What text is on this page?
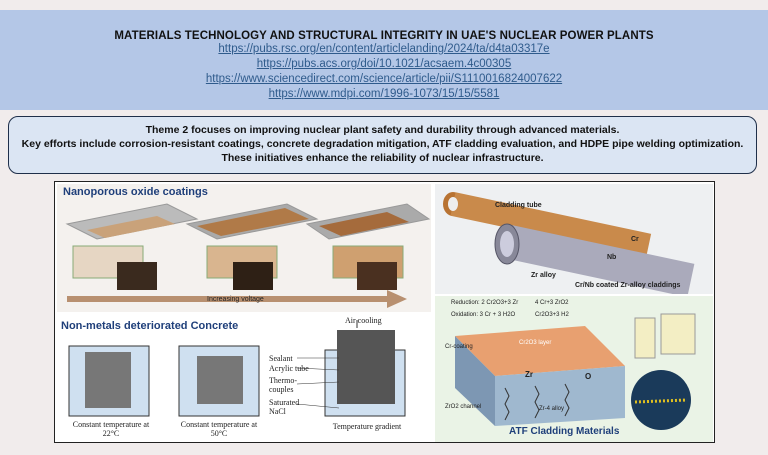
MATERIALS TECHNOLOGY AND STRUCTURAL INTEGRITY IN UAE'S NUCLEAR POWER PLANTS
https://pubs.rsc.org/en/content/articlelanding/2024/ta/d4ta03317e
https://pubs.acs.org/doi/10.1021/acsaem.4c00305
https://www.sciencedirect.com/science/article/pii/S1110016824007622
https://www.mdpi.com/1996-1073/15/15/5581
Theme 2 focuses on improving nuclear plant safety and durability through advanced materials.
Key efforts include corrosion-resistant coatings, concrete degradation mitigation, ATF cladding evaluation, and HDPE pipe welding optimization.
These initiatives enhance the reliability of nuclear infrastructure.
Nanoporous oxide coatings
Increasing voltage
Non-metals deteriorated Concrete	Air cooling
Sealant
Acrylic tube
Thermo-couples
Saturated NaCl
Constant temperature at 22°C
Constant temperature at 50°C
Temperature gradient
Cladding tube
Cr
Nb
Zr alloy
Cr/Nb coated Zr-alloy claddings
Reduction: 2 Cr2O3+3 Zr	4 Cr+3 ZrO2
Oxidation: 3 Cr + 3 H2O	Cr2O3+3 H2
Cr-coating
Cr2O3 layer
Zr	O
ZrO2 channel	Zr-4 alloy
ATF Cladding Materials
